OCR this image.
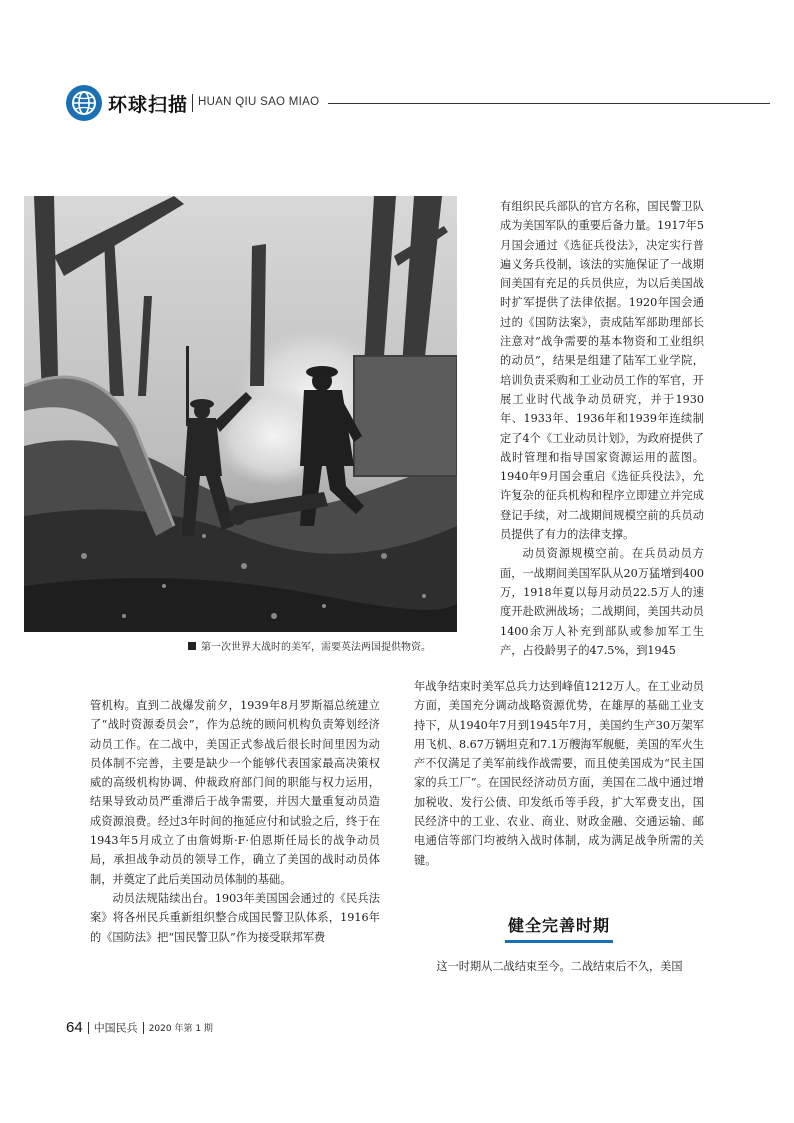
环球扫描 HUAN QIU SAO MIAO
第一次世界大战时的美军，需要英法两国提供物资。

有组织民兵部队的官方名称，国民警卫队成为美国军队的重要后备力量。1917年5月国会通过《选征兵役法》，决定实行普遍义务兵役制，该法的实施保证了一战期间美国有充足的兵员供应，为以后美国战时扩军提供了法律依据。1920年国会通过的《国防法案》，责成陆军部助理部长注意对“战争需要的基本物资和工业组织的动员”，结果是组建了陆军工业学院，培训负责采购和工业动员工作的军官，开展工业时代战争动员研究，并于1930年、1933年、1936年和1939年连续制定了4个《工业动员计划》，为政府提供了战时管理和指导国家资源运用的蓝图。1940年9月国会重启《选征兵役法》，允许复杂的征兵机构和程序立即建立并完成登记手续，对二战期间规模空前的兵员动员提供了有力的法律支撑。

动员资源规模空前。在兵员动员方面，一战期间美国军队从20万猛增到400万，1918年夏以每月动员22.5万人的速度开赴欧洲战场；二战期间，美国共动员1400余万人补充到部队或参加军工生产，占役龄男子的47.5%，到1945

管机构。直到二战爆发前夕，1939年8月罗斯福总统建立了“战时资源委员会”，作为总统的顾问机构负责筹划经济动员工作。在二战中，美国正式参战后很长时间里因为动员体制不完善，主要是缺少一个能够代表国家最高决策权威的高级机构协调、仲裁政府部门间的职能与权力运用，结果导致动员严重滞后于战争需要，并因大量重复动员造成资源浪费。经过3年时间的拖延应付和试验之后，终于在1943年5月成立了由詹姆斯·F·伯恩斯任局长的战争动员局，承担战争动员的领导工作，确立了美国的战时动员体制，并奠定了此后美国动员体制的基础。

动员法规陆续出台。1903年美国国会通过的《民兵法案》将各州民兵重新组织整合成国民警卫队体系，1916年的《国防法》把“国民警卫队”作为接受联邦军费

年战争结束时美军总兵力达到峰值1212万人。在工业动员方面，美国充分调动战略资源优势，在雄厚的基础工业支持下，从1940年7月到1945年7月，美国约生产30万架军用飞机、8.67万辆坦克和7.1万艘海军舰艇，美国的军火生产不仅满足了美军前线作战需要，而且使美国成为“民主国家的兵工厂”。在国民经济动员方面，美国在二战中通过增加税收、发行公债、印发纸币等手段，扩大军费支出，国民经济中的工业、农业、商业、财政金融、交通运输、邮电通信等部门均被纳入战时体制，成为满足战争所需的关键。

健全完善时期

这一时期从二战结束至今。二战结束后不久，美国

64 中国民兵 2020 年第 1 期
